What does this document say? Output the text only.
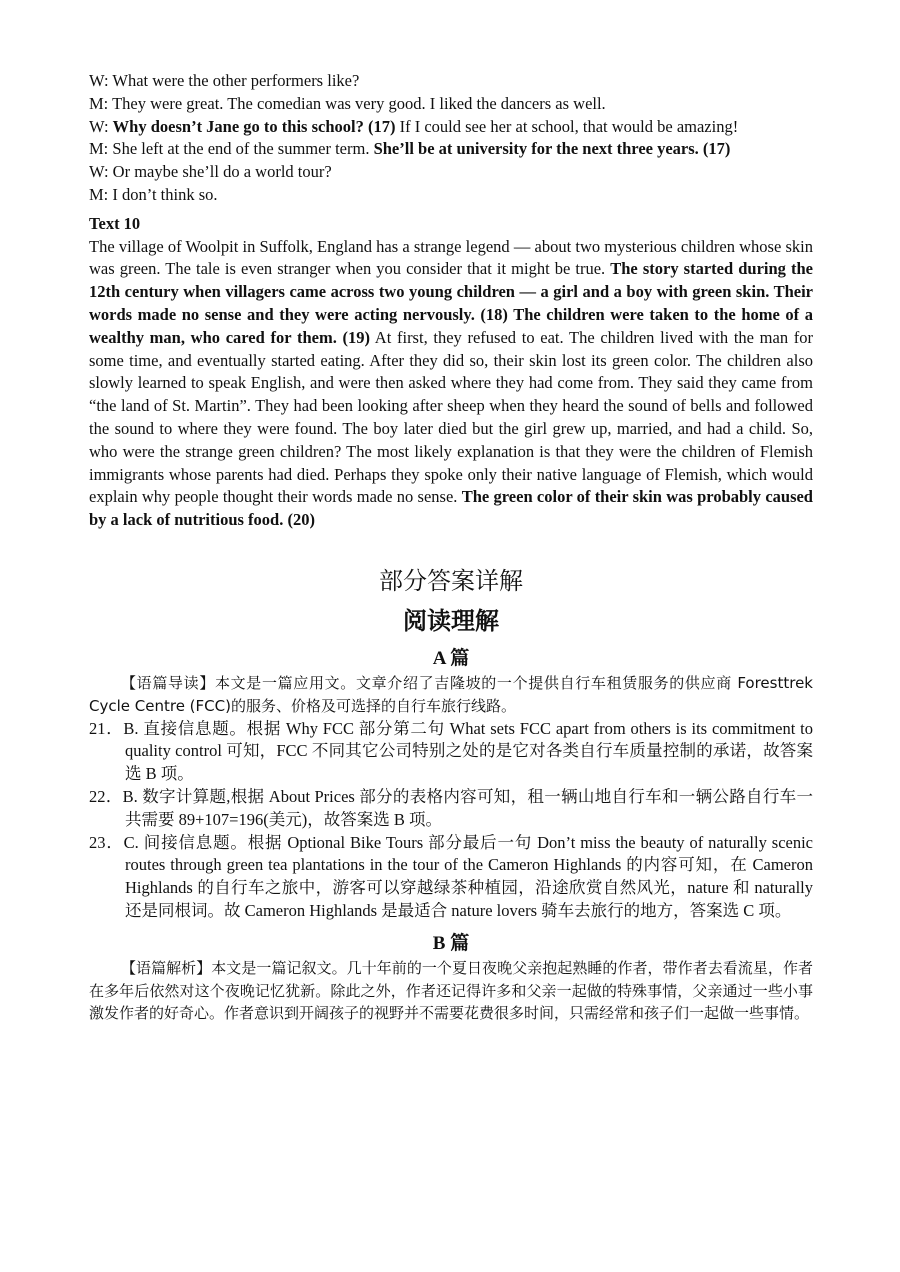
W: What were the other performers like?

M: They were great. The comedian was very good. I liked the dancers as well.

W: Why doesn’t Jane go to this school? (17) If I could see her at school, that would be amazing!

M: She left at the end of the summer term. She’ll be at university for the next three years. (17)

W: Or maybe she’ll do a world tour?

M: I don’t think so.

Text 10

The village of Woolpit in Suffolk, England has a strange legend — about two mysterious children whose skin was green. The tale is even stranger when you consider that it might be true. The story started during the 12th century when villagers came across two young children — a girl and a boy with green skin. Their words made no sense and they were acting nervously. (18) The children were taken to the home of a wealthy man, who cared for them. (19) At first, they refused to eat. The children lived with the man for some time, and eventually started eating. After they did so, their skin lost its green color. The children also slowly learned to speak English, and were then asked where they had come from. They said they came from “the land of St. Martin”. They had been looking after sheep when they heard the sound of bells and followed the sound to where they were found. The boy later died but the girl grew up, married, and had a child. So, who were the strange green children? The most likely explanation is that they were the children of Flemish immigrants whose parents had died. Perhaps they spoke only their native language of Flemish, which would explain why people thought their words made no sense. The green color of their skin was probably caused by a lack of nutritious food. (20)

部分答案详解
阅读理解
A 篇

【语篇导读】本文是一篇应用文。文章介绍了吉隆坡的一个提供自行车租赁服务的供应商 Foresttrek Cycle Centre (FCC)的服务、价格及可选择的自行车旅行线路。

21．B. 直接信息题。根据 Why FCC 部分第二句 What sets FCC apart from others is its commitment to quality control 可知，FCC 不同其它公司特别之处的是它对各类自行车质量控制的承诺，故答案选 B 项。

22．B. 数字计算题,根据 About Prices 部分的表格内容可知，租一辆山地自行车和一辆公路自行车一共需要 89+107=196(美元)，故答案选 B 项。

23．C. 间接信息题。根据 Optional Bike Tours 部分最后一句 Don’t miss the beauty of naturally scenic routes through green tea plantations in the tour of the Cameron Highlands 的内容可知，在 Cameron Highlands 的自行车之旅中，游客可以穿越绿茶种植园，沿途欣赏自然风光，nature 和 naturally 还是同根词。故 Cameron Highlands 是最适合 nature lovers 骑车去旅行的地方，答案选 C 项。

B 篇

【语篇解析】本文是一篇记叙文。几十年前的一个夏日夜晚父亲抱起熟睡的作者，带作者去看流星，作者在多年后依然对这个夜晚记忆犹新。除此之外，作者还记得许多和父亲一起做的特殊事情，父亲通过一些小事激发作者的好奇心。作者意识到开阔孩子的视野并不需要花费很多时间，只需经常和孩子们一起做一些事情。
